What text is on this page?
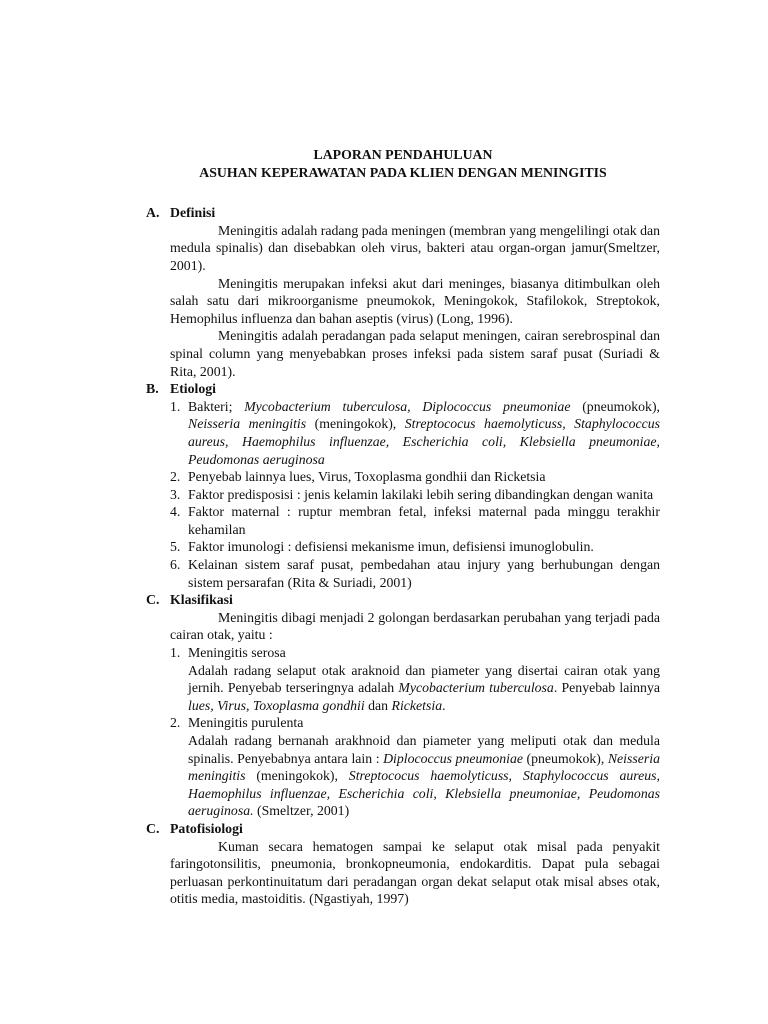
LAPORAN PENDAHULUAN

ASUHAN KEPERAWATAN PADA KLIEN DENGAN MENINGITIS

A. Definisi

Meningitis adalah radang pada meningen (membran yang mengelilingi otak dan medula spinalis) dan disebabkan oleh virus, bakteri atau organ-organ jamur(Smeltzer, 2001).

Meningitis merupakan infeksi akut dari meninges, biasanya ditimbulkan oleh salah satu dari mikroorganisme pneumokok, Meningokok, Stafilokok, Streptokok, Hemophilus influenza dan bahan aseptis (virus) (Long, 1996).

Meningitis adalah peradangan pada selaput meningen, cairan serebrospinal dan spinal column yang menyebabkan proses infeksi pada sistem saraf pusat (Suriadi & Rita, 2001).

B. Etiologi

1. Bakteri; Mycobacterium tuberculosa, Diplococcus pneumoniae (pneumokok), Neisseria meningitis (meningokok), Streptococus haemolyticuss, Staphylococcus aureus, Haemophilus influenzae, Escherichia coli, Klebsiella pneumoniae, Peudomonas aeruginosa
2. Penyebab lainnya lues, Virus, Toxoplasma gondhii dan Ricketsia
3. Faktor predisposisi : jenis kelamin lakilaki lebih sering dibandingkan dengan wanita
4. Faktor maternal : ruptur membran fetal, infeksi maternal pada minggu terakhir kehamilan
5. Faktor imunologi : defisiensi mekanisme imun, defisiensi imunoglobulin.
6. Kelainan sistem saraf pusat, pembedahan atau injury yang berhubungan dengan sistem persarafan (Rita & Suriadi, 2001)

C. Klasifikasi

Meningitis dibagi menjadi 2 golongan berdasarkan perubahan yang terjadi pada cairan otak, yaitu :

1. Meningitis serosa

Adalah radang selaput otak araknoid dan piameter yang disertai cairan otak yang jernih. Penyebab terseringnya adalah Mycobacterium tuberculosa. Penyebab lainnya lues, Virus, Toxoplasma gondhii dan Ricketsia.

2. Meningitis purulenta

Adalah radang bernanah arakhnoid dan piameter yang meliputi otak dan medula spinalis. Penyebabnya antara lain : Diplococcus pneumoniae (pneumokok), Neisseria meningitis (meningokok), Streptococus haemolyticuss, Staphylococcus aureus, Haemophilus influenzae, Escherichia coli, Klebsiella pneumoniae, Peudomonas aeruginosa. (Smeltzer, 2001)

C. Patofisiologi

Kuman secara hematogen sampai ke selaput otak misal pada penyakit faringotonsilitis, pneumonia, bronkopneumonia, endokarditis. Dapat pula sebagai perluasan perkontinuitatum dari peradangan organ dekat selaput otak misal abses otak, otitis media, mastoiditis. (Ngastiyah, 1997)
